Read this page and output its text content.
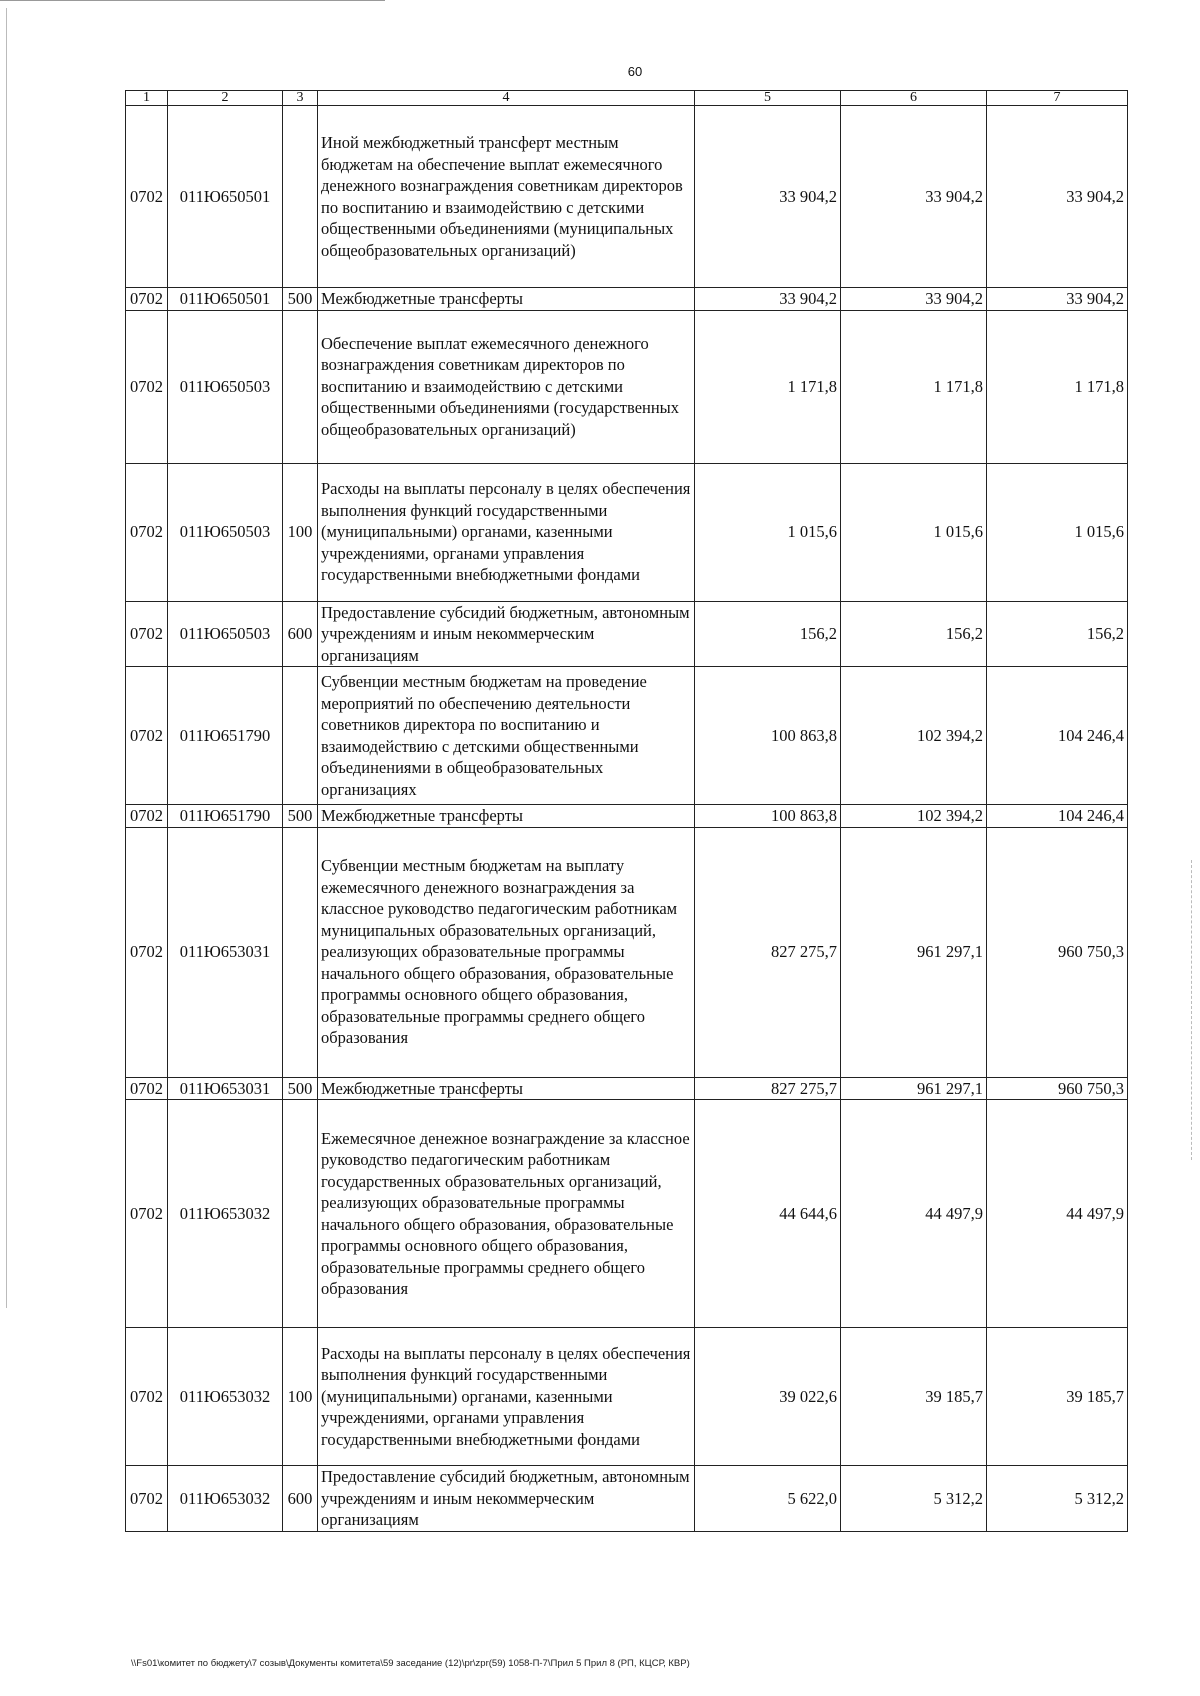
60
1	2	3	4	5	6	7
0702	011Ю650501		Иной межбюджетный трансферт местным бюджетам на обеспечение выплат ежемесячного денежного вознаграждения советникам директоров по воспитанию и взаимодействию с детскими общественными объединениями (муниципальных общеобразовательных организаций)	33 904,2	33 904,2	33 904,2
0702	011Ю650501	500	Межбюджетные трансферты	33 904,2	33 904,2	33 904,2
0702	011Ю650503		Обеспечение выплат ежемесячного денежного вознаграждения советникам директоров по воспитанию и взаимодействию с детскими общественными объединениями (государственных общеобразовательных организаций)	1 171,8	1 171,8	1 171,8
0702	011Ю650503	100	Расходы на выплаты персоналу в целях обеспечения выполнения функций государственными (муниципальными) органами, казенными учреждениями, органами управления государственными внебюджетными фондами	1 015,6	1 015,6	1 015,6
0702	011Ю650503	600	Предоставление субсидий бюджетным, автономным учреждениям и иным некоммерческим организациям	156,2	156,2	156,2
0702	011Ю651790		Субвенции местным бюджетам на проведение мероприятий по обеспечению деятельности советников директора по воспитанию и взаимодействию с детскими общественными объединениями в общеобразовательных организациях	100 863,8	102 394,2	104 246,4
0702	011Ю651790	500	Межбюджетные трансферты	100 863,8	102 394,2	104 246,4
0702	011Ю653031		Субвенции местным бюджетам на выплату ежемесячного денежного вознаграждения за классное руководство педагогическим работникам муниципальных образовательных организаций, реализующих образовательные программы начального общего образования, образовательные программы основного общего образования, образовательные программы среднего общего образования	827 275,7	961 297,1	960 750,3
0702	011Ю653031	500	Межбюджетные трансферты	827 275,7	961 297,1	960 750,3
0702	011Ю653032		Ежемесячное денежное вознаграждение за классное руководство педагогическим работникам государственных образовательных организаций, реализующих образовательные программы начального общего образования, образовательные программы основного общего образования, образовательные программы среднего общего образования	44 644,6	44 497,9	44 497,9
0702	011Ю653032	100	Расходы на выплаты персоналу в целях обеспечения выполнения функций государственными (муниципальными) органами, казенными учреждениями, органами управления государственными внебюджетными фондами	39 022,6	39 185,7	39 185,7
0702	011Ю653032	600	Предоставление субсидий бюджетным, автономным учреждениям и иным некоммерческим организациям	5 622,0	5 312,2	5 312,2
\\Fs01\комитет по бюджету\7 созыв\Документы комитета\59 заседание (12)\pr\zpr(59) 1058-П-7\Прил 5 Прил 8 (РП, КЦСР, КВР)
